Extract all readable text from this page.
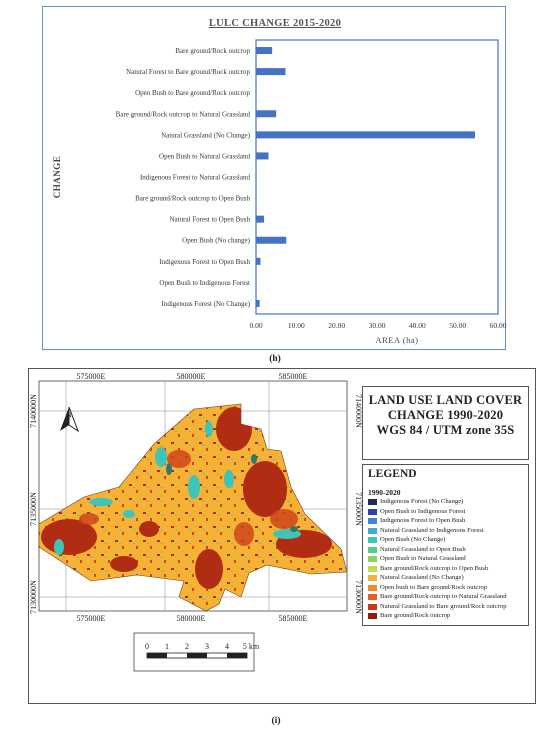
LULC CHANGE 2015-2020
Bare ground/Rock outcrop
Natural Forest to Bare ground/Rock outcrop
Open Bush to Bare ground/Rock outcrop
Bare ground/Rock outcrop to Natural Grassland
Natural Grassland (No Change)
Open Bush to Natural Grassland
Indigenous Forest to Natural Grassland
Bare ground/Rock outcrop to Open Bush
Natural Forest to Open Bush
Open Bush (No change)
Indigenous Forest to Open Bush
Open Bush to Indigenous Forest
Indigenous Forest (No Change)
0.00	10.00	20.00	30.00	40.00	50.00	60.00
AREA (ha)
CHANGE
(h)
N
575000E	580000E	585000E
575000E	580000E	585000E
7140000N
7135000N
7130000N
7140000N
7135000N
7130000N
0 1 2 3 4 5 km
LAND USE LAND COVER
CHANGE 1990-2020
WGS 84 / UTM zone 35S
LEGEND
1990-2020
Indigenous Forest (No Change)
Open Bush to Indigenous Forest
Indigenous Forest to Open Bush
Natural Grassland to Indigenous Forest
Open Bush (No Change)
Natural Grassland to Open Bush
Open Bush to Natural Grassland
Bare ground/Rock outcrop to Open Bush
Natural Grassland (No Change)
Open bush to Bare ground/Rock outcrop
Bare ground/Rock outcrop to Natural Grassland
Natural Grassland to Bare ground/Rock outcrop
Bare ground/Rock outcrop
(i)
